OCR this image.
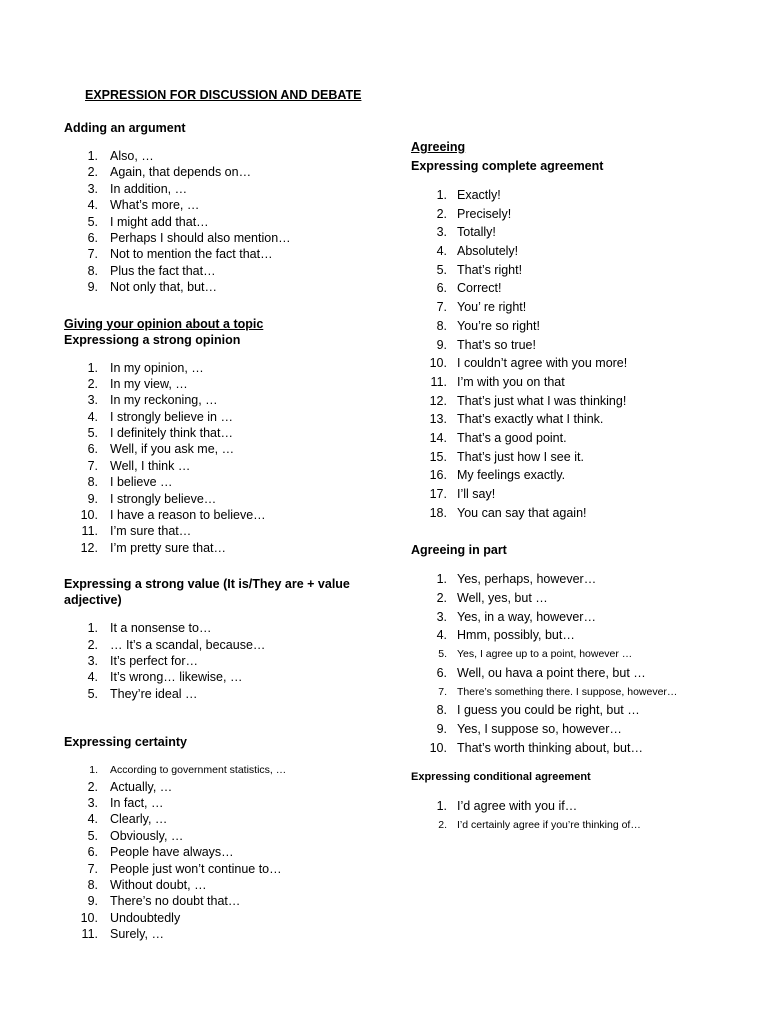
EXPRESSION FOR DISCUSSION AND DEBATE
Adding an argument
1. Also, …
2. Again, that depends on…
3. In addition, …
4. What’s more, …
5. I might add that…
6. Perhaps I should also mention…
7. Not to mention the fact that…
8. Plus the fact that…
9. Not only that, but…
Giving your opinion about a topic
Expressiong a strong opinion
1. In my opinion, …
2. In my view, …
3. In my reckoning, …
4. I strongly believe in …
5. I definitely think that…
6. Well, if you ask me, …
7. Well, I think …
8. I believe …
9. I strongly believe…
10. I have a reason to believe…
11. I’m sure that…
12. I’m pretty sure that…
Expressing a strong value (It is/They are + value
adjective)
1. It a nonsense to…
2. … It’s a scandal, because…
3. It’s perfect for…
4. It’s wrong… likewise, …
5. They’re ideal …
Expressing certainty
1. According to government statistics, …
2. Actually, …
3. In fact, …
4. Clearly, …
5. Obviously, …
6. People have always…
7. People just won’t continue to…
8. Without doubt, …
9. There’s no doubt that…
10. Undoubtedly
11. Surely, …
Agreeing
Expressing complete agreement
1. Exactly!
2. Precisely!
3. Totally!
4. Absolutely!
5. That’s right!
6. Correct!
7. You’ re right!
8. You’re so right!
9. That’s so true!
10. I couldn’t agree with you more!
11. I’m with you on that
12. That’s just what I was thinking!
13. That’s exactly what I think.
14. That’s a good point.
15. That’s just how I see it.
16. My feelings exactly.
17. I’ll say!
18. You can say that again!
Agreeing in part
1. Yes, perhaps, however…
2. Well, yes, but …
3. Yes, in a way, however…
4. Hmm, possibly, but…
5. Yes, I agree up to a point, however …
6. Well, ou hava a point there, but …
7. There’s something there. I suppose, however…
8. I guess you could be right, but …
9. Yes, I suppose so, however…
10. That’s worth thinking about, but…
Expressing conditional agreement
1. I’d agree with you if…
2. I’d certainly agree if you’re thinking of…
